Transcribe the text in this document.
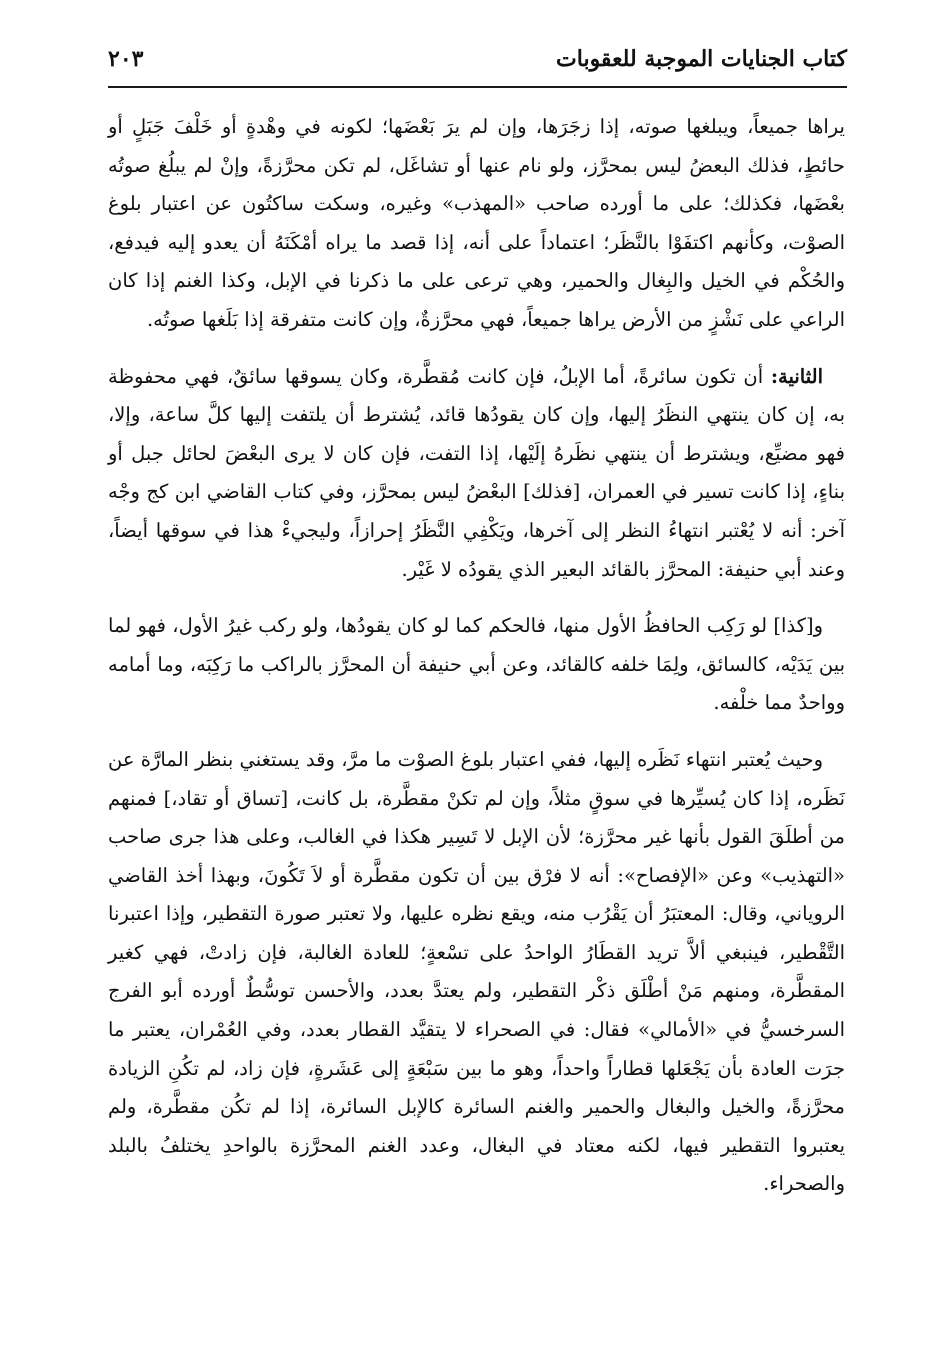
كتاب الجنايات الموجبة للعقوبات
٢٠٣

يراها جميعاً، ويبلغها صوته، إذا زجَرَها، وإن لم يرَ بَعْضَها؛ لكونه في وهْدةٍ أو خَلْفَ جَبَلٍ أو حائطٍ، فذلك البعضُ ليس بمحرَّز، ولو نام عنها أو تشاغَل، لم تكن محرَّزةً، وإنْ لم يبلُغ صوتُه بعْضَها، فكذلك؛ على ما أورده صاحب «المهذب» وغيره، وسكت ساكتُون عن اعتبار بلوغ الصوْت، وكأنهم اكتفَوْا بالنَّظَر؛ اعتماداً على أنه، إذا قصد ما يراه أمْكَنَهُ أن يعدو إليه فيدفع، والحُكْم في الخيل والبِغال والحمير، وهي ترعى على ما ذكرنا في الإبل، وكذا الغنم إذا كان الراعي على نَشْزٍ من الأرض يراها جميعاً، فهي محرَّزةٌ، وإن كانت متفرقة إذا بَلَغها صوتُه.

الثانية: أن تكون سائرةً، أما الإبلُ، فإن كانت مُقطَّرة، وكان يسوقها سائقٌ، فهي محفوظة به، إن كان ينتهي النظَرُ إليها، وإن كان يقودُها قائد، يُشترط أن يلتفت إليها كلَّ ساعة، وإلا، فهو مضيِّع، ويشترط أن ينتهي نظَرهُ إلَيْها، إذا التفت، فإن كان لا يرى البعْضَ لحائل جبل أو بناءٍ، إذا كانت تسير في العمران، [فذلك] البعْضُ ليس بمحرَّز، وفي كتاب القاضي ابن كج وجْه آخر: أنه لا يُعْتبر انتهاءُ النظر إلى آخرها، ويَكْفِي النَّظَرُ إحرازاً، وليجيءْ هذا في سوقها أيضاً، وعند أبي حنيفة: المحرَّز بالقائد البعير الذي يقودُه لا غَيْر.

و[كذا] لو رَكِب الحافظُ الأول منها، فالحكم كما لو كان يقودُها، ولو ركب غيرُ الأول، فهو لما بين يَدَيْه، كالسائق، ولِمَا خلفه كالقائد، وعن أبي حنيفة أن المحرَّز بالراكب ما رَكِبَه، وما أمامه وواحدٌ مما خلْفه.

وحيث يُعتبر انتهاء نَظَره إليها، ففي اعتبار بلوغ الصوْت ما مرَّ، وقد يستغني بنظر المارَّة عن نَظَره، إذا كان يُسيِّرها في سوقٍ مثلاً، وإن لم تكنْ مقطَّرة، بل كانت، [تساق أو تقاد،] فمنهم من أطلَقَ القول بأنها غير محرَّزة؛ لأن الإبل لا تَسِير هكذا في الغالب، وعلى هذا جرى صاحب «التهذيب» وعن «الإفصاح»: أنه لا فرْق بين أن تكون مقطَّرة أو لاَ تَكُونَ، وبهذا أخذ القاضي الروياني، وقال: المعتبَرُ أن يَقْرُب منه، ويقع نظره عليها، ولا تعتبر صورة التقطير، وإذا اعتبرنا التَّقْطير، فينبغي ألاَّ تريد القطَارُ الواحدُ على تسْعةٍ؛ للعادة الغالبة، فإن زادتْ، فهي كغير المقطَّرة، ومنهم مَنْ أطْلَق ذكْر التقطير، ولم يعتدَّ بعدد، والأحسن توسُّطٌ أورده أبو الفرج السرخسيُّ في «الأمالي» فقال: في الصحراء لا يتقيَّد القطار بعدد، وفي العُمْران، يعتبر ما جرَت العادة بأن يَجْعَلها قطاراً واحداً، وهو ما بين سَبْعَةٍ إلى عَشَرةٍ، فإن زاد، لم تكُنِ الزيادة محرَّزةً، والخيل والبغال والحمير والغنم السائرة كالإبل السائرة، إذا لم تكُن مقطَّرة، ولم يعتبروا التقطير فيها، لكنه معتاد في البغال، وعدد الغنم المحرَّزة بالواحدِ يختلفُ بالبلد والصحراء.
